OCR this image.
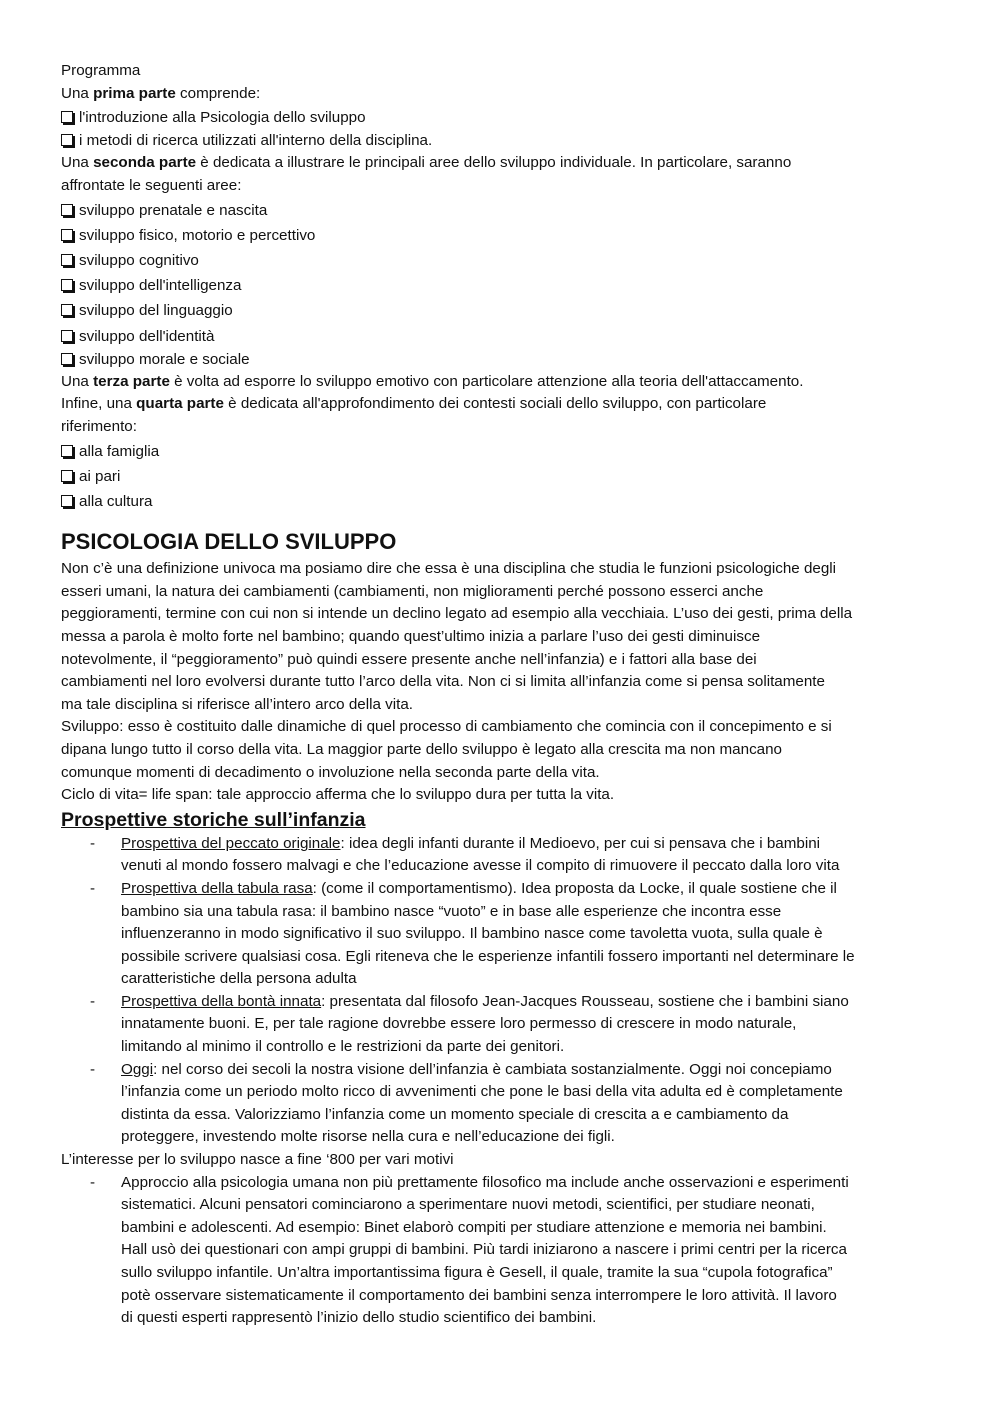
Programma
Una prima parte comprende:
l'introduzione alla Psicologia dello sviluppo
i metodi di ricerca utilizzati all'interno della disciplina.
Una seconda parte è dedicata a illustrare le principali aree dello sviluppo individuale. In particolare, saranno
affrontate le seguenti aree:
sviluppo prenatale e nascita
sviluppo fisico, motorio e percettivo
sviluppo cognitivo
sviluppo dell'intelligenza
sviluppo del linguaggio
sviluppo dell'identità
sviluppo morale e sociale
Una terza parte è volta ad esporre lo sviluppo emotivo con particolare attenzione alla teoria dell'attaccamento.
Infine, una quarta parte è dedicata all'approfondimento dei contesti sociali dello sviluppo, con particolare
riferimento:
alla famiglia
ai pari
alla cultura
PSICOLOGIA DELLO SVILUPPO
Non c’è una definizione univoca ma posiamo dire che essa è una disciplina che studia le funzioni psicologiche degli
esseri umani, la natura dei cambiamenti (cambiamenti, non miglioramenti perché possono esserci anche
peggioramenti, termine con cui non si intende un declino legato ad esempio alla vecchiaia. L’uso dei gesti, prima della
messa a parola è molto forte nel bambino; quando quest’ultimo inizia a parlare l’uso dei gesti diminuisce
notevolmente, il “peggioramento” può quindi essere presente anche nell’infanzia) e i fattori alla base dei
cambiamenti nel loro evolversi durante tutto l’arco della vita. Non ci si limita all’infanzia come si pensa solitamente
ma tale disciplina si riferisce all’intero arco della vita.
Sviluppo: esso è costituito dalle dinamiche di quel processo di cambiamento che comincia con il concepimento e si
dipana lungo tutto il corso della vita. La maggior parte dello sviluppo è legato alla crescita ma non mancano
comunque momenti di decadimento o involuzione nella seconda parte della vita.
Ciclo di vita= life span: tale approccio afferma che lo sviluppo dura per tutta la vita.
Prospettive storiche sull’infanzia
- Prospettiva del peccato originale: idea degli infanti durante il Medioevo, per cui si pensava che i bambini
venuti al mondo fossero malvagi e che l’educazione avesse il compito di rimuovere il peccato dalla loro vita
- Prospettiva della tabula rasa: (come il comportamentismo). Idea proposta da Locke, il quale sostiene che il
bambino sia una tabula rasa: il bambino nasce “vuoto” e in base alle esperienze che incontra esse
influenzeranno in modo significativo il suo sviluppo. Il bambino nasce come tavoletta vuota, sulla quale è
possibile scrivere qualsiasi cosa. Egli riteneva che le esperienze infantili fossero importanti nel determinare le
caratteristiche della persona adulta
- Prospettiva della bontà innata: presentata dal filosofo Jean-Jacques Rousseau, sostiene che i bambini siano
innatamente buoni. E, per tale ragione dovrebbe essere loro permesso di crescere in modo naturale,
limitando al minimo il controllo e le restrizioni da parte dei genitori.
- Oggi: nel corso dei secoli la nostra visione dell’infanzia è cambiata sostanzialmente. Oggi noi concepiamo
l’infanzia come un periodo molto ricco di avvenimenti che pone le basi della vita adulta ed è completamente
distinta da essa. Valorizziamo l’infanzia come un momento speciale di crescita a e cambiamento da
proteggere, investendo molte risorse nella cura e nell’educazione dei figli.
L’interesse per lo sviluppo nasce a fine ‘800 per vari motivi
- Approccio alla psicologia umana non più prettamente filosofico ma include anche osservazioni e esperimenti
sistematici. Alcuni pensatori cominciarono a sperimentare nuovi metodi, scientifici, per studiare neonati,
bambini e adolescenti. Ad esempio: Binet elaborò compiti per studiare attenzione e memoria nei bambini.
Hall usò dei questionari con ampi gruppi di bambini. Più tardi iniziarono a nascere i primi centri per la ricerca
sullo sviluppo infantile. Un’altra importantissima figura è Gesell, il quale, tramite la sua “cupola fotografica”
potè osservare sistematicamente il comportamento dei bambini senza interrompere le loro attività. Il lavoro
di questi esperti rappresentò l’inizio dello studio scientifico dei bambini.
